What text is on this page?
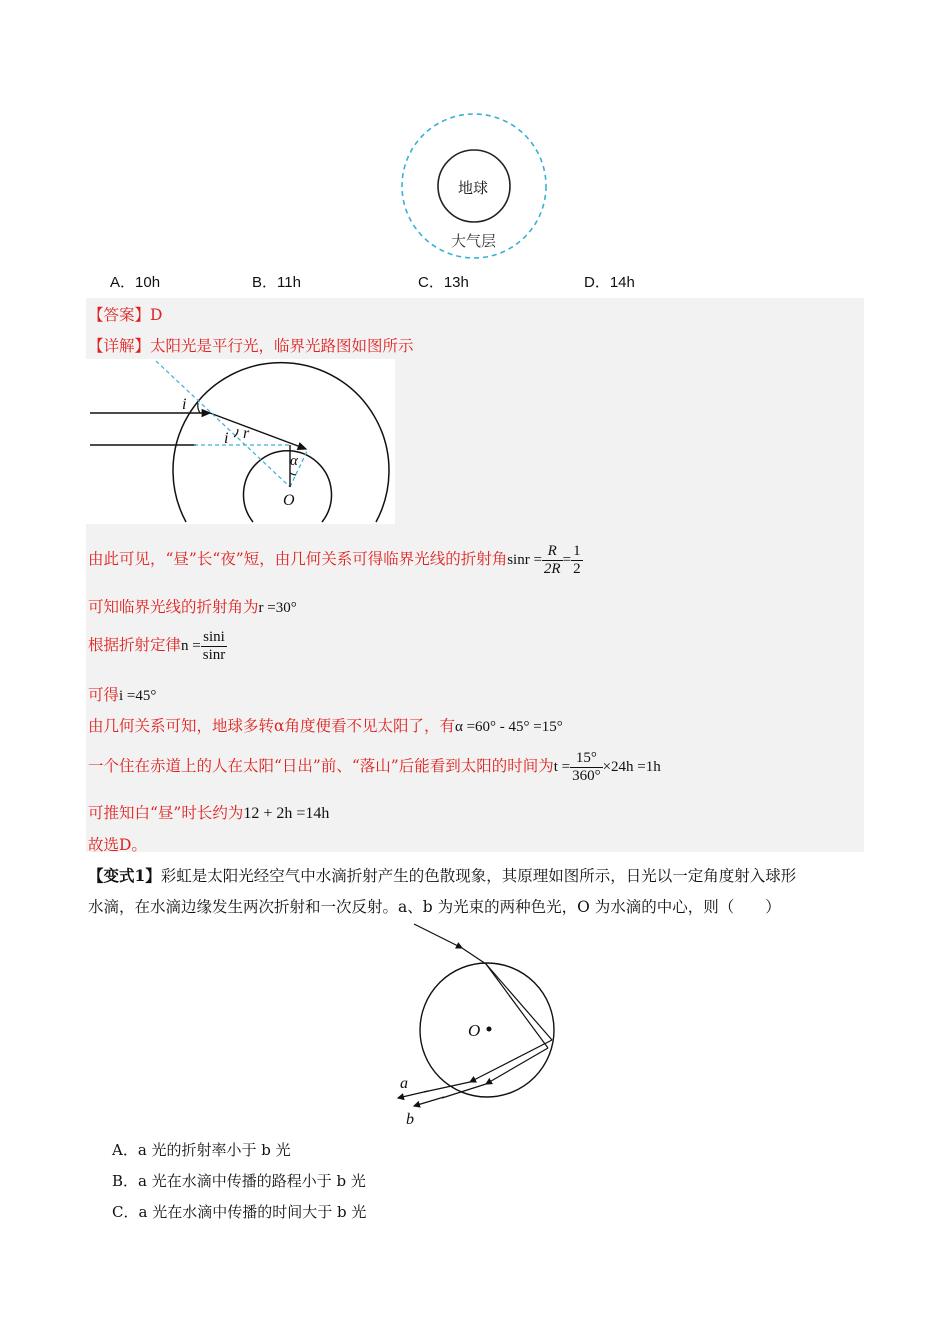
地球
大气层
A．10h	B．11h	C．13h	D．14h
【答案】D
【详解】太阳光是平行光，临界光路图如图所示
i
i r
α
O
由此可见，“昼”长“夜”短，由几何关系可得临界光线的折射角$\sin r = \frac{R}{2R} = \frac{1}{2}$
可知临界光线的折射角为r =30°
根据折射定律$n = \frac{\sin i}{\sin r}$
可得i =45°
由几何关系可知，地球多转α角度便看不见太阳了，有α =60° - 45° =15°
一个住在赤道上的人在太阳“日出”前、“落山”后能看到太阳的时间为$t = \frac{15^\circ}{360^\circ} \times 24h =1h$
可推知白“昼”时长约为12 + 2h =14h
故选D。
【变式1】彩虹是太阳光经空气中水滴折射产生的色散现象，其原理如图所示，日光以一定角度射入球形
水滴，在水滴边缘发生两次折射和一次反射。a、b 为光束的两种色光，O 为水滴的中心，则（　　）
O
a
b
A．a 光的折射率小于 b 光
B．a 光在水滴中传播的路程小于 b 光
C．a 光在水滴中传播的时间大于 b 光
